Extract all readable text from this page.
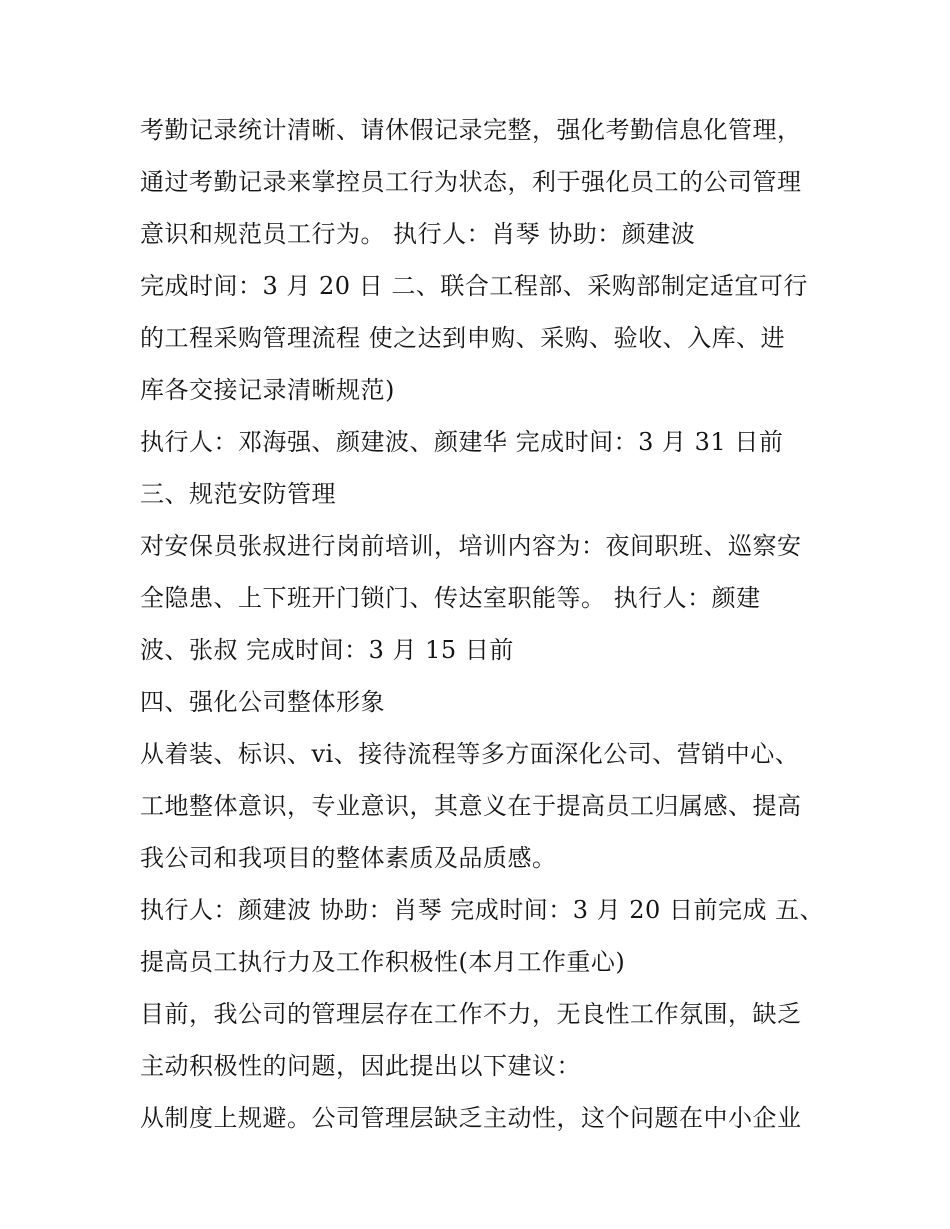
考勤记录统计清晰、请休假记录完整，强化考勤信息化管理，
通过考勤记录来掌控员工行为状态，利于强化员工的公司管理
意识和规范员工行为。 执行人：肖琴 协助：颜建波
完成时间：3 月 20 日 二、联合工程部、采购部制定适宜可行
的工程采购管理流程 使之达到申购、采购、验收、入库、进
库各交接记录清晰规范)
执行人：邓海强、颜建波、颜建华 完成时间：3 月 31 日前
三、规范安防管理
对安保员张叔进行岗前培训，培训内容为：夜间职班、巡察安
全隐患、上下班开门锁门、传达室职能等。 执行人：颜建
波、张叔 完成时间：3 月 15 日前
四、强化公司整体形象
从着装、标识、vi、接待流程等多方面深化公司、营销中心、
工地整体意识，专业意识，其意义在于提高员工归属感、提高
我公司和我项目的整体素质及品质感。
执行人：颜建波 协助：肖琴 完成时间：3 月 20 日前完成 五、
提高员工执行力及工作积极性(本月工作重心)
目前，我公司的管理层存在工作不力，无良性工作氛围，缺乏
主动积极性的问题，因此提出以下建议：
从制度上规避。公司管理层缺乏主动性，这个问题在中小企业
